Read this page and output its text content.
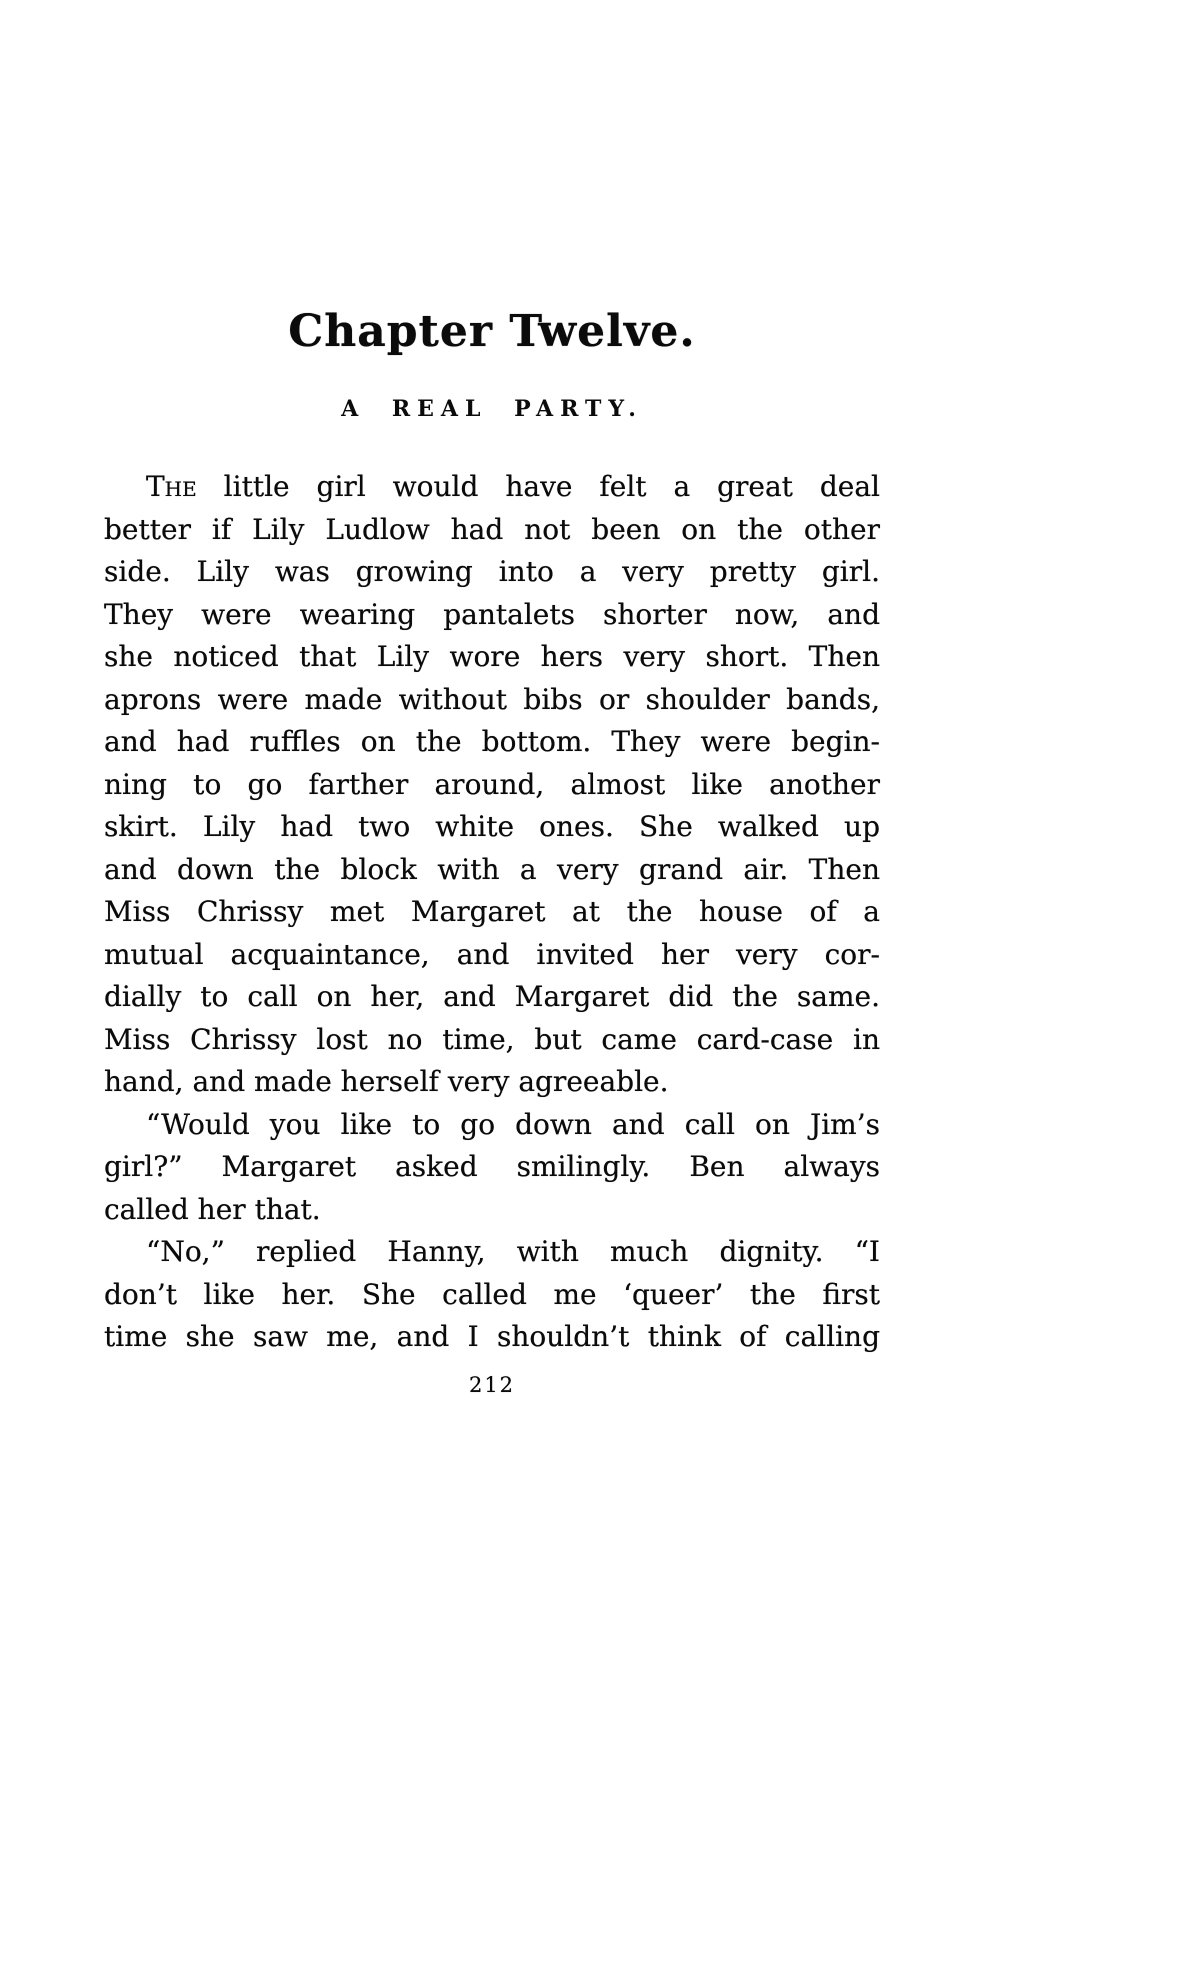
Chapter Twelve.
A REAL PARTY.
The little girl would have felt a great deal
better if Lily Ludlow had not been on the other
side. Lily was growing into a very pretty girl.
They were wearing pantalets shorter now, and
she noticed that Lily wore hers very short. Then
aprons were made without bibs or shoulder bands,
and had ruffles on the bottom. They were begin-
ning to go farther around, almost like another
skirt. Lily had two white ones. She walked up
and down the block with a very grand air. Then
Miss Chrissy met Margaret at the house of a
mutual acquaintance, and invited her very cor-
dially to call on her, and Margaret did the same.
Miss Chrissy lost no time, but came card-case in
hand, and made herself very agreeable.
“Would you like to go down and call on Jim’s
girl?” Margaret asked smilingly. Ben always
called her that.
“No,” replied Hanny, with much dignity. “I
don’t like her. She called me ‘queer’ the first
time she saw me, and I shouldn’t think of calling
212
